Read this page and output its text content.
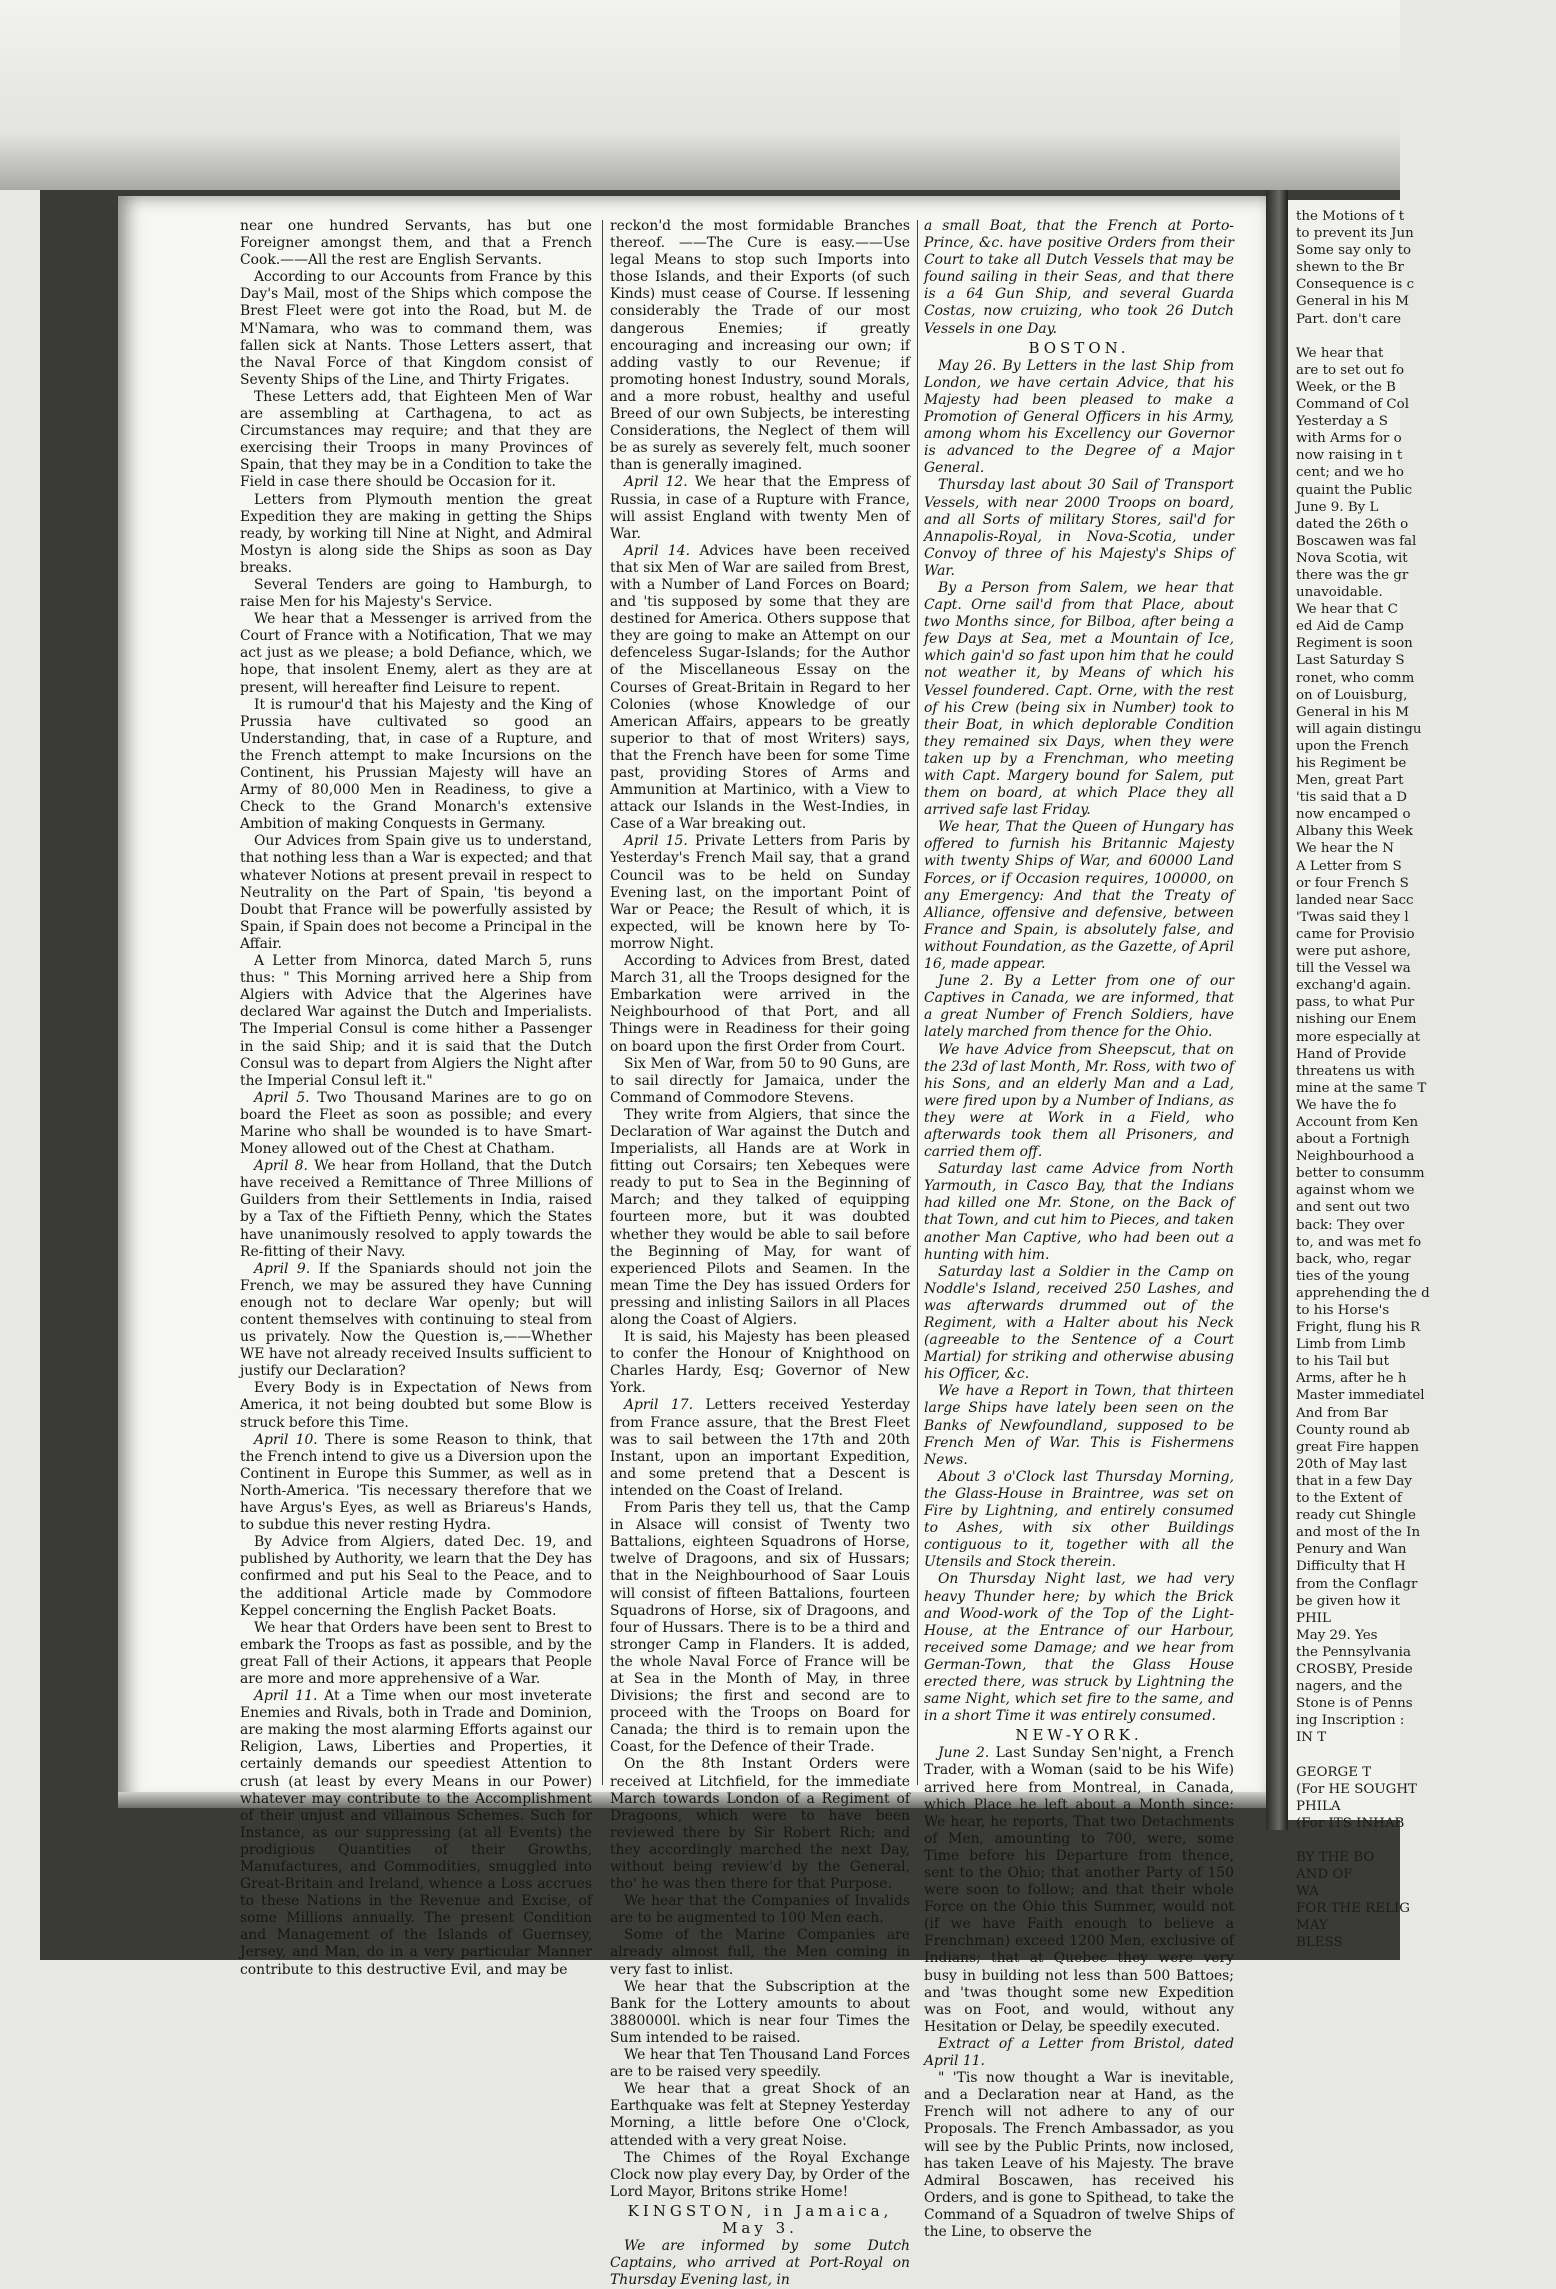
near one hundred Servants, has but one Foreigner amongst them, and that a French Cook.——All the rest are English Servants.

According to our Accounts from France by this Day's Mail, most of the Ships which compose the Brest Fleet were got into the Road, but M. de M'Namara, who was to command them, was fallen sick at Nants. Those Letters assert, that the Naval Force of that Kingdom consist of Seventy Ships of the Line, and Thirty Frigates.

These Letters add, that Eighteen Men of War are assembling at Carthagena, to act as Circumstances may require; and that they are exercising their Troops in many Provinces of Spain, that they may be in a Condition to take the Field in case there should be Occasion for it.

Letters from Plymouth mention the great Expedition they are making in getting the Ships ready, by working till Nine at Night, and Admiral Mostyn is along side the Ships as soon as Day breaks.

Several Tenders are going to Hamburgh, to raise Men for his Majesty's Service.

We hear that a Messenger is arrived from the Court of France with a Notification, That we may act just as we please; a bold Defiance, which, we hope, that insolent Enemy, alert as they are at present, will hereafter find Leisure to repent.

It is rumour'd that his Majesty and the King of Prussia have cultivated so good an Understanding, that, in case of a Rupture, and the French attempt to make Incursions on the Continent, his Prussian Majesty will have an Army of 80,000 Men in Readiness, to give a Check to the Grand Monarch's extensive Ambition of making Conquests in Germany.

Our Advices from Spain give us to understand, that nothing less than a War is expected; and that whatever Notions at present prevail in respect to Neutrality on the Part of Spain, 'tis beyond a Doubt that France will be powerfully assisted by Spain, if Spain does not become a Principal in the Affair.

A Letter from Minorca, dated March 5, runs thus: " This Morning arrived here a Ship from Algiers with Advice that the Algerines have declared War against the Dutch and Imperialists. The Imperial Consul is come hither a Passenger in the said Ship; and it is said that the Dutch Consul was to depart from Algiers the Night after the Imperial Consul left it."

April 5. Two Thousand Marines are to go on board the Fleet as soon as possible; and every Marine who shall be wounded is to have Smart-Money allowed out of the Chest at Chatham.

April 8. We hear from Holland, that the Dutch have received a Remittance of Three Millions of Guilders from their Settlements in India, raised by a Tax of the Fiftieth Penny, which the States have unanimously resolved to apply towards the Re-fitting of their Navy.

April 9. If the Spaniards should not join the French, we may be assured they have Cunning enough not to declare War openly; but will content themselves with continuing to steal from us privately. Now the Question is,——Whether WE have not already received Insults sufficient to justify our Declaration?

Every Body is in Expectation of News from America, it not being doubted but some Blow is struck before this Time.

April 10. There is some Reason to think, that the French intend to give us a Diversion upon the Continent in Europe this Summer, as well as in North-America. 'Tis necessary therefore that we have Argus's Eyes, as well as Briareus's Hands, to subdue this never resting Hydra.

By Advice from Algiers, dated Dec. 19, and published by Authority, we learn that the Dey has confirmed and put his Seal to the Peace, and to the additional Article made by Commodore Keppel concerning the English Packet Boats.

We hear that Orders have been sent to Brest to embark the Troops as fast as possible, and by the great Fall of their Actions, it appears that People are more and more apprehensive of a War.

April 11. At a Time when our most inveterate Enemies and Rivals, both in Trade and Dominion, are making the most alarming Efforts against our Religion, Laws, Liberties and Properties, it certainly demands our speediest Attention to crush (at least by every Means in our Power) whatever may contribute to the Accomplishment of their unjust and villainous Schemes. Such for Instance, as our suppressing (at all Events) the prodigious Quantities of their Growths, Manufactures, and Commodities, smuggled into Great-Britain and Ireland, whence a Loss accrues to these Nations in the Revenue and Excise, of some Millions annually. The present Condition and Management of the Islands of Guernsey, Jersey, and Man, do in a very particular Manner contribute to this destructive Evil, and may be

reckon'd the most formidable Branches thereof. ——The Cure is easy.——Use legal Means to stop such Imports into those Islands, and their Exports (of such Kinds) must cease of Course. If lessening considerably the Trade of our most dangerous Enemies; if greatly encouraging and increasing our own; if adding vastly to our Revenue; if promoting honest Industry, sound Morals, and a more robust, healthy and useful Breed of our own Subjects, be interesting Considerations, the Neglect of them will be as surely as severely felt, much sooner than is generally imagined.

April 12. We hear that the Empress of Russia, in case of a Rupture with France, will assist England with twenty Men of War.

April 14. Advices have been received that six Men of War are sailed from Brest, with a Number of Land Forces on Board; and 'tis supposed by some that they are destined for America. Others suppose that they are going to make an Attempt on our defenceless Sugar-Islands; for the Author of the Miscellaneous Essay on the Courses of Great-Britain in Regard to her Colonies (whose Knowledge of our American Affairs, appears to be greatly superior to that of most Writers) says, that the French have been for some Time past, providing Stores of Arms and Ammunition at Martinico, with a View to attack our Islands in the West-Indies, in Case of a War breaking out.

April 15. Private Letters from Paris by Yesterday's French Mail say, that a grand Council was to be held on Sunday Evening last, on the important Point of War or Peace; the Result of which, it is expected, will be known here by To-morrow Night.

According to Advices from Brest, dated March 31, all the Troops designed for the Embarkation were arrived in the Neighbourhood of that Port, and all Things were in Readiness for their going on board upon the first Order from Court.

Six Men of War, from 50 to 90 Guns, are to sail directly for Jamaica, under the Command of Commodore Stevens.

They write from Algiers, that since the Declaration of War against the Dutch and Imperialists, all Hands are at Work in fitting out Corsairs; ten Xebeques were ready to put to Sea in the Beginning of March; and they talked of equipping fourteen more, but it was doubted whether they would be able to sail before the Beginning of May, for want of experienced Pilots and Seamen. In the mean Time the Dey has issued Orders for pressing and inlisting Sailors in all Places along the Coast of Algiers.

It is said, his Majesty has been pleased to confer the Honour of Knighthood on Charles Hardy, Esq; Governor of New York.

April 17. Letters received Yesterday from France assure, that the Brest Fleet was to sail between the 17th and 20th Instant, upon an important Expedition, and some pretend that a Descent is intended on the Coast of Ireland.

From Paris they tell us, that the Camp in Alsace will consist of Twenty two Battalions, eighteen Squadrons of Horse, twelve of Dragoons, and six of Hussars; that in the Neighbourhood of Saar Louis will consist of fifteen Battalions, fourteen Squadrons of Horse, six of Dragoons, and four of Hussars. There is to be a third and stronger Camp in Flanders. It is added, the whole Naval Force of France will be at Sea in the Month of May, in three Divisions; the first and second are to proceed with the Troops on Board for Canada; the third is to remain upon the Coast, for the Defence of their Trade.

On the 8th Instant Orders were received at Litchfield, for the immediate March towards London of a Regiment of Dragoons, which were to have been reviewed there by Sir Robert Rich; and they accordingly marched the next Day, without being review'd by the General, tho' he was then there for that Purpose.

We hear that the Companies of Invalids are to be augmented to 100 Men each.

Some of the Marine Companies are already almost full, the Men coming in very fast to inlist.

We hear that the Subscription at the Bank for the Lottery amounts to about 3880000l. which is near four Times the Sum intended to be raised.

We hear that Ten Thousand Land Forces are to be raised very speedily.

We hear that a great Shock of an Earthquake was felt at Stepney Yesterday Morning, a little before One o'Clock, attended with a very great Noise.

The Chimes of the Royal Exchange Clock now play every Day, by Order of the Lord Mayor, Britons strike Home!

KINGSTON, in Jamaica, May 3.

We are informed by some Dutch Captains, who arrived at Port-Royal on Thursday Evening last, in

a small Boat, that the French at Porto-Prince, &c. have positive Orders from their Court to take all Dutch Vessels that may be found sailing in their Seas, and that there is a 64 Gun Ship, and several Guarda Costas, now cruizing, who took 26 Dutch Vessels in one Day.

BOSTON.

May 26. By Letters in the last Ship from London, we have certain Advice, that his Majesty had been pleased to make a Promotion of General Officers in his Army, among whom his Excellency our Governor is advanced to the Degree of a Major General.

Thursday last about 30 Sail of Transport Vessels, with near 2000 Troops on board, and all Sorts of military Stores, sail'd for Annapolis-Royal, in Nova-Scotia, under Convoy of three of his Majesty's Ships of War.

By a Person from Salem, we hear that Capt. Orne sail'd from that Place, about two Months since, for Bilboa, after being a few Days at Sea, met a Mountain of Ice, which gain'd so fast upon him that he could not weather it, by Means of which his Vessel foundered. Capt. Orne, with the rest of his Crew (being six in Number) took to their Boat, in which deplorable Condition they remained six Days, when they were taken up by a Frenchman, who meeting with Capt. Margery bound for Salem, put them on board, at which Place they all arrived safe last Friday.

We hear, That the Queen of Hungary has offered to furnish his Britannic Majesty with twenty Ships of War, and 60000 Land Forces, or if Occasion requires, 100000, on any Emergency: And that the Treaty of Alliance, offensive and defensive, between France and Spain, is absolutely false, and without Foundation, as the Gazette, of April 16, made appear.

June 2. By a Letter from one of our Captives in Canada, we are informed, that a great Number of French Soldiers, have lately marched from thence for the Ohio.

We have Advice from Sheepscut, that on the 23d of last Month, Mr. Ross, with two of his Sons, and an elderly Man and a Lad, were fired upon by a Number of Indians, as they were at Work in a Field, who afterwards took them all Prisoners, and carried them off.

Saturday last came Advice from North Yarmouth, in Casco Bay, that the Indians had killed one Mr. Stone, on the Back of that Town, and cut him to Pieces, and taken another Man Captive, who had been out a hunting with him.

Saturday last a Soldier in the Camp on Noddle's Island, received 250 Lashes, and was afterwards drummed out of the Regiment, with a Halter about his Neck (agreeable to the Sentence of a Court Martial) for striking and otherwise abusing his Officer, &c.

We have a Report in Town, that thirteen large Ships have lately been seen on the Banks of Newfoundland, supposed to be French Men of War. This is Fishermens News.

About 3 o'Clock last Thursday Morning, the Glass-House in Braintree, was set on Fire by Lightning, and entirely consumed to Ashes, with six other Buildings contiguous to it, together with all the Utensils and Stock therein.

On Thursday Night last, we had very heavy Thunder here; by which the Brick and Wood-work of the Top of the Light-House, at the Entrance of our Harbour, received some Damage; and we hear from German-Town, that the Glass House erected there, was struck by Lightning the same Night, which set fire to the same, and in a short Time it was entirely consumed.

NEW-YORK.

June 2. Last Sunday Sen'night, a French Trader, with a Woman (said to be his Wife) arrived here from Montreal, in Canada, which Place he left about a Month since: We hear, he reports, That two Detachments of Men, amounting to 700, were, some Time before his Departure from thence, sent to the Ohio; that another Party of 150 were soon to follow; and that their whole Force on the Ohio this Summer, would not (if we have Faith enough to believe a Frenchman) exceed 1200 Men, exclusive of Indians; that at Quebec they were very busy in building not less than 500 Battoes; and 'twas thought some new Expedition was on Foot, and would, without any Hesitation or Delay, be speedily executed.

Extract of a Letter from Bristol, dated April 11.

" 'Tis now thought a War is inevitable, and a Declaration near at Hand, as the French will not adhere to any of our Proposals. The French Ambassador, as you will see by the Public Prints, now inclosed, has taken Leave of his Majesty. The brave Admiral Boscawen, has received his Orders, and is gone to Spithead, to take the Command of a Squadron of twelve Ships of the Line, to observe the

the Motions of t
to prevent its Jun
Some say only to
shewn to the Br
Consequence is c
General in his M
Part. don't care
We hear that
are to set out fo
Week, or the B
Command of Col
Yesterday a S
with Arms for o
now raising in t
cent; and we ho
quaint the Public
June 9. By L
dated the 26th o
Boscawen was fal
Nova Scotia, wit
there was the gr
unavoidable.
We hear that C
ed Aid de Camp
Regiment is soon
Last Saturday S
ronet, who comm
on of Louisburg,
General in his M
will again distingu
upon the French
his Regiment be
Men, great Part
'tis said that a D
now encamped o
Albany this Week
We hear the N
A Letter from S
or four French S
landed near Sacc
'Twas said they l
came for Provisio
were put ashore,
till the Vessel wa
exchang'd again.
pass, to what Pur
nishing our Enem
more especially at
Hand of Provide
threatens us with
mine at the same T
We have the fo
Account from Ken
about a Fortnigh
Neighbourhood a
better to consumm
against whom we
and sent out two
back: They over
to, and was met fo
back, who, regar
ties of the young
apprehending the d
to his Horse's
Fright, flung his R
Limb from Limb
to his Tail but
Arms, after he h
Master immediatel
And from Bar
County round ab
great Fire happen
20th of May last
that in a few Day
to the Extent of
ready cut Shingle
and most of the In
Penury and Wan
Difficulty that H
from the Conflagr
be given how it
PHIL
May 29. Yes
the Pennsylvania
CROSBY, Preside
nagers, and the
Stone is of Penns
ing Inscription :
IN T
GEORGE T
(For HE SOUGHT
PHILA
(For ITS INHAB
BY THE BO
AND OF
WA
FOR THE RELIG
MAY
BLESS
